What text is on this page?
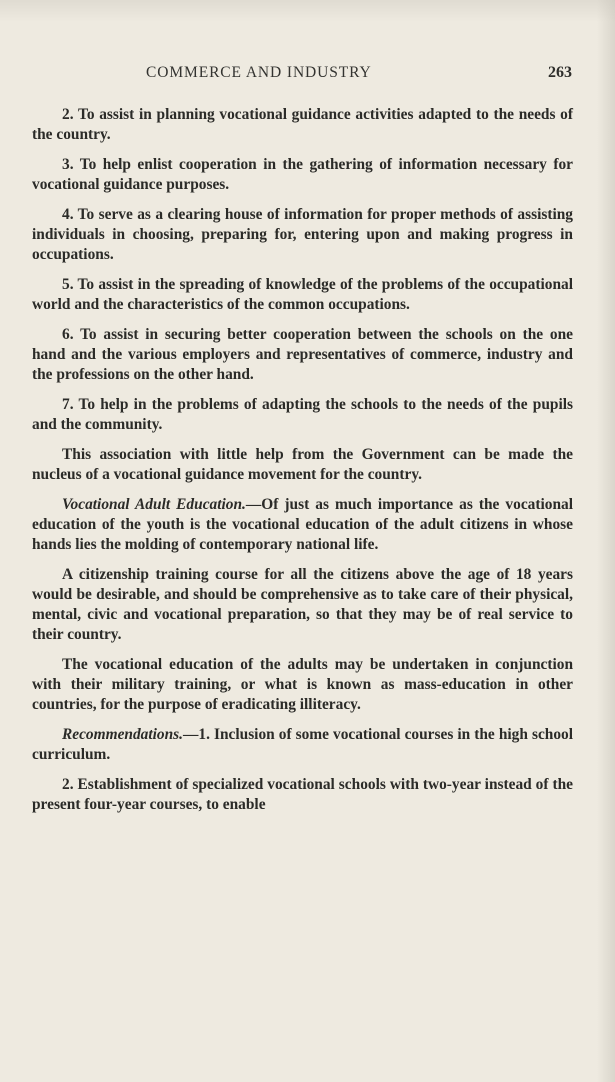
COMMERCE AND INDUSTRY	263

2. To assist in planning vocational guidance activities adapted to the needs of the country.

3. To help enlist cooperation in the gathering of information necessary for vocational guidance purposes.

4. To serve as a clearing house of information for proper methods of assisting individuals in choosing, preparing for, entering upon and making progress in occupations.

5. To assist in the spreading of knowledge of the problems of the occupational world and the characteristics of the common occupations.

6. To assist in securing better cooperation between the schools on the one hand and the various employers and representatives of commerce, industry and the professions on the other hand.

7. To help in the problems of adapting the schools to the needs of the pupils and the community.

This association with little help from the Government can be made the nucleus of a vocational guidance movement for the country.

Vocational Adult Education.—Of just as much importance as the vocational education of the youth is the vocational education of the adult citizens in whose hands lies the molding of contemporary national life.

A citizenship training course for all the citizens above the age of 18 years would be desirable, and should be comprehensive as to take care of their physical, mental, civic and vocational preparation, so that they may be of real service to their country.

The vocational education of the adults may be undertaken in conjunction with their military training, or what is known as mass-education in other countries, for the purpose of eradicating illiteracy.

Recommendations.—1. Inclusion of some vocational courses in the high school curriculum.

2. Establishment of specialized vocational schools with two-year instead of the present four-year courses, to enable
